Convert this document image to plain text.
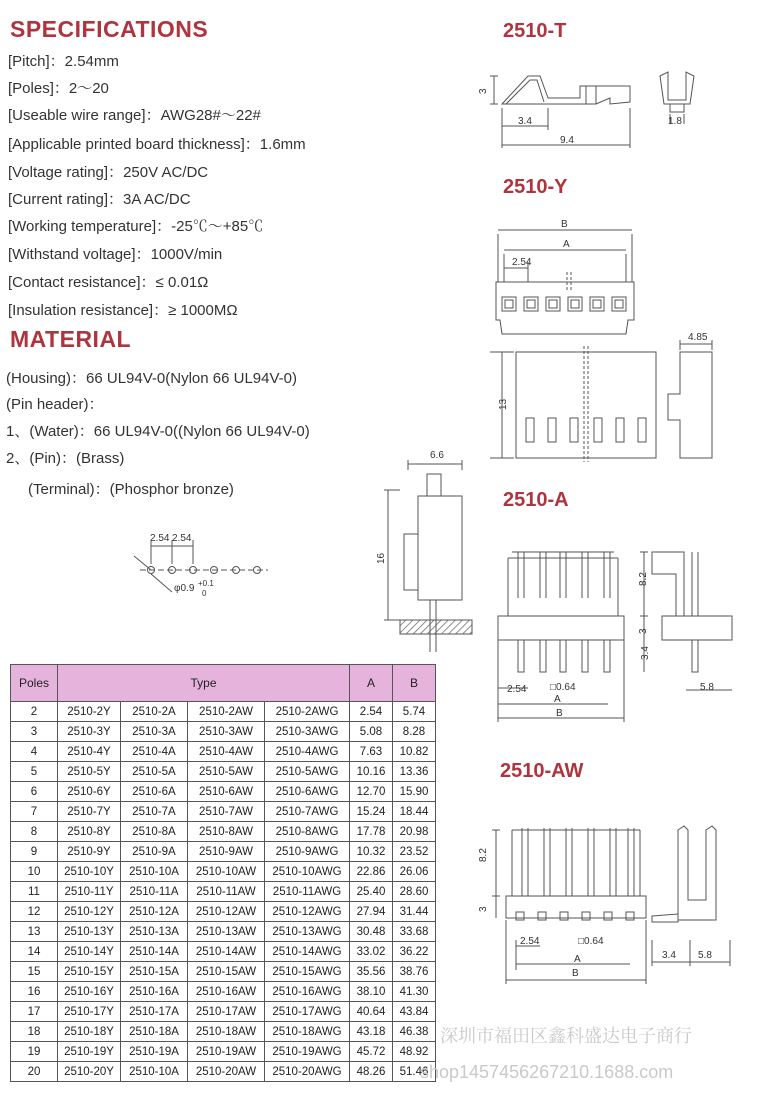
SPECIFICATIONS
[Pitch]：2.54mm
[Poles]：2～20
[Useable wire range]：AWG28#～22#
[Applicable printed board thickness]：1.6mm
[Voltage rating]：250V AC/DC
[Current rating]：3A AC/DC
[Working temperature]：-25℃～+85℃
[Withstand voltage]：1000V/min
[Contact resistance]：≤ 0.01Ω
[Insulation resistance]：≥ 1000MΩ
MATERIAL
(Housing)：66 UL94V-0(Nylon 66 UL94V-0)
(Pin header)：
1、(Water)：66 UL94V-0((Nylon 66 UL94V-0)
2、(Pin)：(Brass)
(Terminal)：(Phosphor bronze)
2510-T
2510-Y
2510-A
2510-AW
3
3.4
9.4
1.8
B
A
2.54
13
4.85
2.54 2.54
φ0.9 +0.1
0
6.6
16
8.2
3
3.4
2.54 □0.64
A
B
5.8
8.2
3
2.54	□0.64
A
B
3.4 5.8
Poles	Type				A	B
2	2510-2Y	2510-2A	2510-2AW	2510-2AWG	2.54	5.74
3	2510-3Y	2510-3A	2510-3AW	2510-3AWG	5.08	8.28
4	2510-4Y	2510-4A	2510-4AW	2510-4AWG	7.63	10.82
5	2510-5Y	2510-5A	2510-5AW	2510-5AWG	10.16	13.36
6	2510-6Y	2510-6A	2510-6AW	2510-6AWG	12.70	15.90
7	2510-7Y	2510-7A	2510-7AW	2510-7AWG	15.24	18.44
8	2510-8Y	2510-8A	2510-8AW	2510-8AWG	17.78	20.98
9	2510-9Y	2510-9A	2510-9AW	2510-9AWG	10.32	23.52
10	2510-10Y	2510-10A	2510-10AW	2510-10AWG	22.86	26.06
11	2510-11Y	2510-11A	2510-11AW	2510-11AWG	25.40	28.60
12	2510-12Y	2510-12A	2510-12AW	2510-12AWG	27.94	31.44
13	2510-13Y	2510-13A	2510-13AW	2510-13AWG	30.48	33.68
14	2510-14Y	2510-14A	2510-14AW	2510-14AWG	33.02	36.22
15	2510-15Y	2510-15A	2510-15AW	2510-15AWG	35.56	38.76
16	2510-16Y	2510-16A	2510-16AW	2510-16AWG	38.10	41.30
17	2510-17Y	2510-17A	2510-17AW	2510-17AWG	40.64	43.84
18	2510-18Y	2510-18A	2510-18AW	2510-18AWG	43.18	46.38
19	2510-19Y	2510-19A	2510-19AW	2510-19AWG	45.72	48.92
20	2510-20Y	2510-10A	2510-20AW	2510-20AWG	48.26	51.46
深圳市福田区鑫科盛达电子商行
shop1457456267210.1688.com
